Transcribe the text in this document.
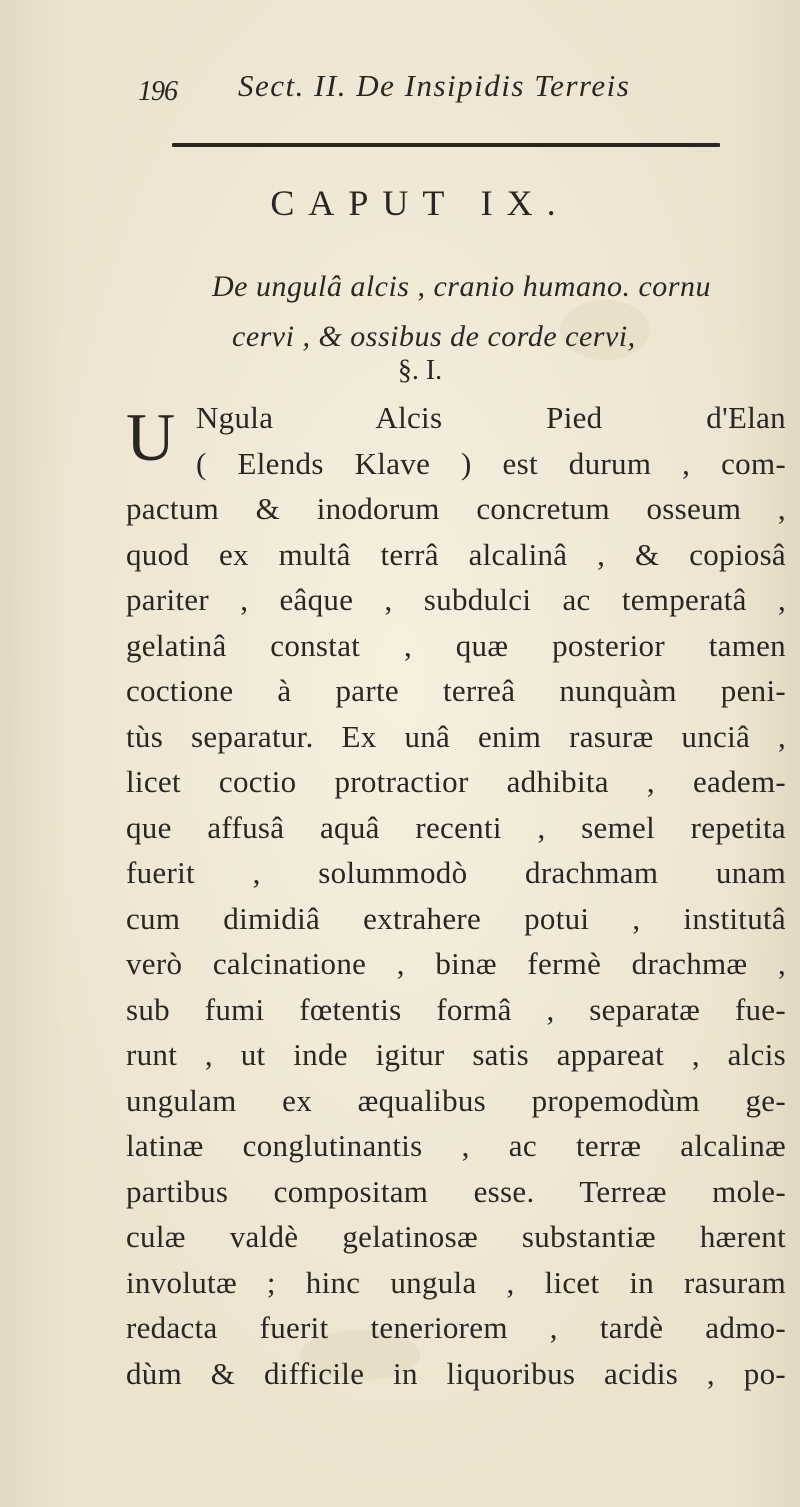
196 Sect. II. De Insipidis Terreis
CAPUT IX.
De ungulâ alcis , cranio humano. cornu
cervi , & ossibus de corde cervi,
§. I.
U Ngula Alcis Pied d'Elan
( Elends Klave ) est durum , com-
pactum & inodorum concretum osseum ,
quod ex multâ terrâ alcalinâ , & copiosâ
pariter , eâque , subdulci ac temperatâ ,
gelatinâ constat , quæ posterior tamen
coctione à parte terreâ nunquàm peni-
tùs separatur. Ex unâ enim rasuræ unciâ ,
licet coctio protractior adhibita , eadem-
que affusâ aquâ recenti , semel repetita
fuerit , solummodò drachmam unam
cum dimidiâ extrahere potui , institutâ
verò calcinatione , binæ fermè drachmæ ,
sub fumi fœtentis formâ , separatæ fue-
runt , ut inde igitur satis appareat , alcis
ungulam ex æqualibus propemodùm ge-
latinæ conglutinantis , ac terræ alcalinæ
partibus compositam esse. Terreæ mole-
culæ valdè gelatinosæ substantiæ hærent
involutæ ; hinc ungula , licet in rasuram
redacta fuerit teneriorem , tardè admo-
dùm & difficile in liquoribus acidis , po-
